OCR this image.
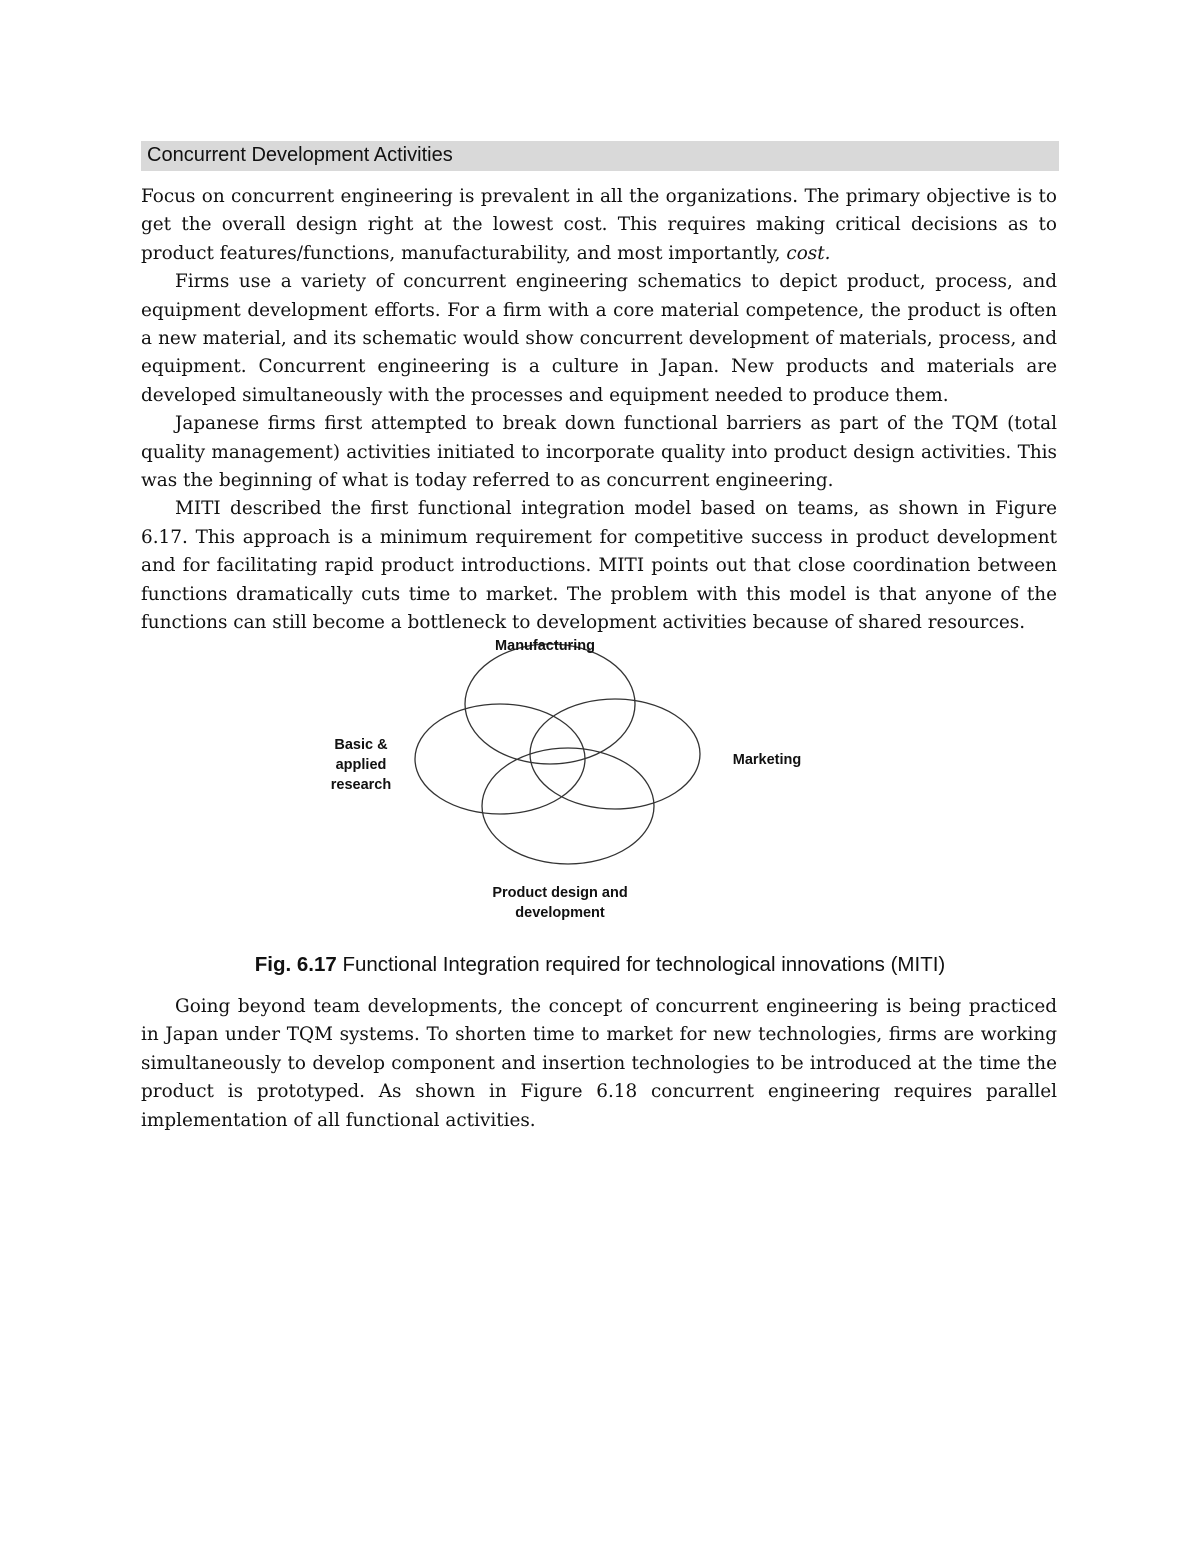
Concurrent Development Activities

Focus on concurrent engineering is prevalent in all the organizations. The primary objective is to get the overall design right at the lowest cost. This requires making critical decisions as to product features/functions, manufacturability, and most importantly, cost.

Firms use a variety of concurrent engineering schematics to depict product, process, and equipment development efforts. For a firm with a core material competence, the product is often a new material, and its schematic would show concurrent development of materials, process, and equipment. Concurrent engineering is a culture in Japan. New products and materials are developed simultaneously with the processes and equipment needed to produce them.

Japanese firms first attempted to break down functional barriers as part of the TQM (total quality management) activities initiated to incorporate quality into product design activities. This was the beginning of what is today referred to as concurrent engineering.

MITI described the first functional integration model based on teams, as shown in Figure 6.17. This approach is a minimum requirement for competitive success in product development and for facilitating rapid product introductions. MITI points out that close coordination between functions dramatically cuts time to market. The problem with this model is that anyone of the functions can still become a bottleneck to development activities because of shared resources.

Manufacturing
Basic & applied research
Marketing
Product design and development
Fig. 6.17 Functional Integration required for technological innovations (MITI)

Going beyond team developments, the concept of concurrent engineering is being practiced in Japan under TQM systems. To shorten time to market for new technologies, firms are working simultaneously to develop component and insertion technologies to be introduced at the time the product is prototyped. As shown in Figure 6.18 concurrent engineering requires parallel implementation of all functional activities.
